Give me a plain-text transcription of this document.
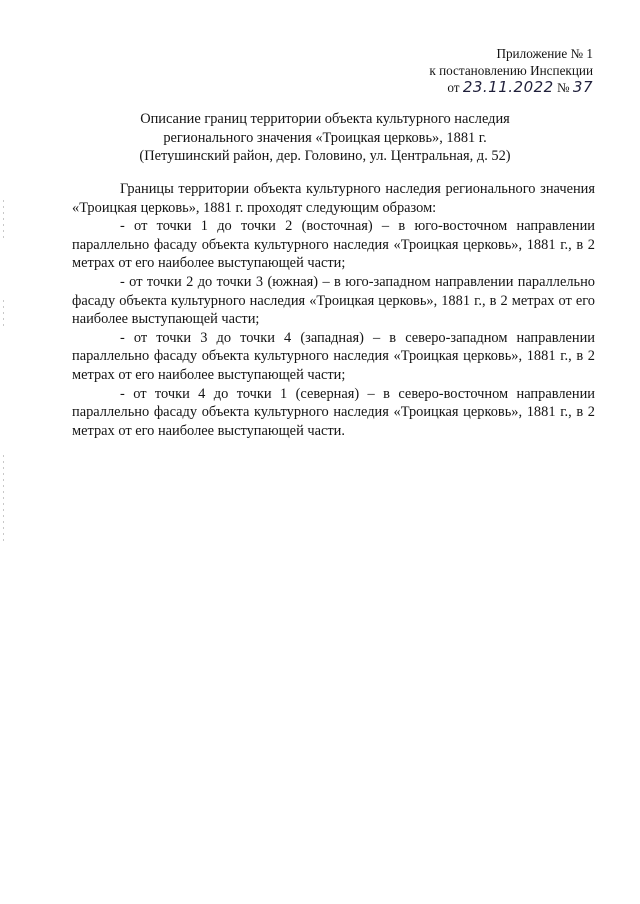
Приложение № 1
к постановлению Инспекции
от 23.11.2022 № 37
Описание границ территории объекта культурного наследия
регионального значения «Троицкая церковь», 1881 г.
(Петушинский район, дер. Головино, ул. Центральная, д. 52)

Границы территории объекта культурного наследия регионального значения «Троицкая церковь», 1881 г. проходят следующим образом:

- от точки 1 до точки 2 (восточная) – в юго-восточном направлении параллельно фасаду объекта культурного наследия «Троицкая церковь», 1881 г., в 2 метрах от его наиболее выступающей части;

- от точки 2 до точки 3 (южная) – в юго-западном направлении параллельно фасаду объекта культурного наследия «Троицкая церковь», 1881 г., в 2 метрах от его наиболее выступающей части;

- от точки 3 до точки 4 (западная) – в северо-западном направлении параллельно фасаду объекта культурного наследия «Троицкая церковь», 1881 г., в 2 метрах от его наиболее выступающей части;

- от точки 4 до точки 1 (северная) – в северо-восточном направлении параллельно фасаду объекта культурного наследия «Троицкая церковь», 1881 г., в 2 метрах от его наиболее выступающей части.
